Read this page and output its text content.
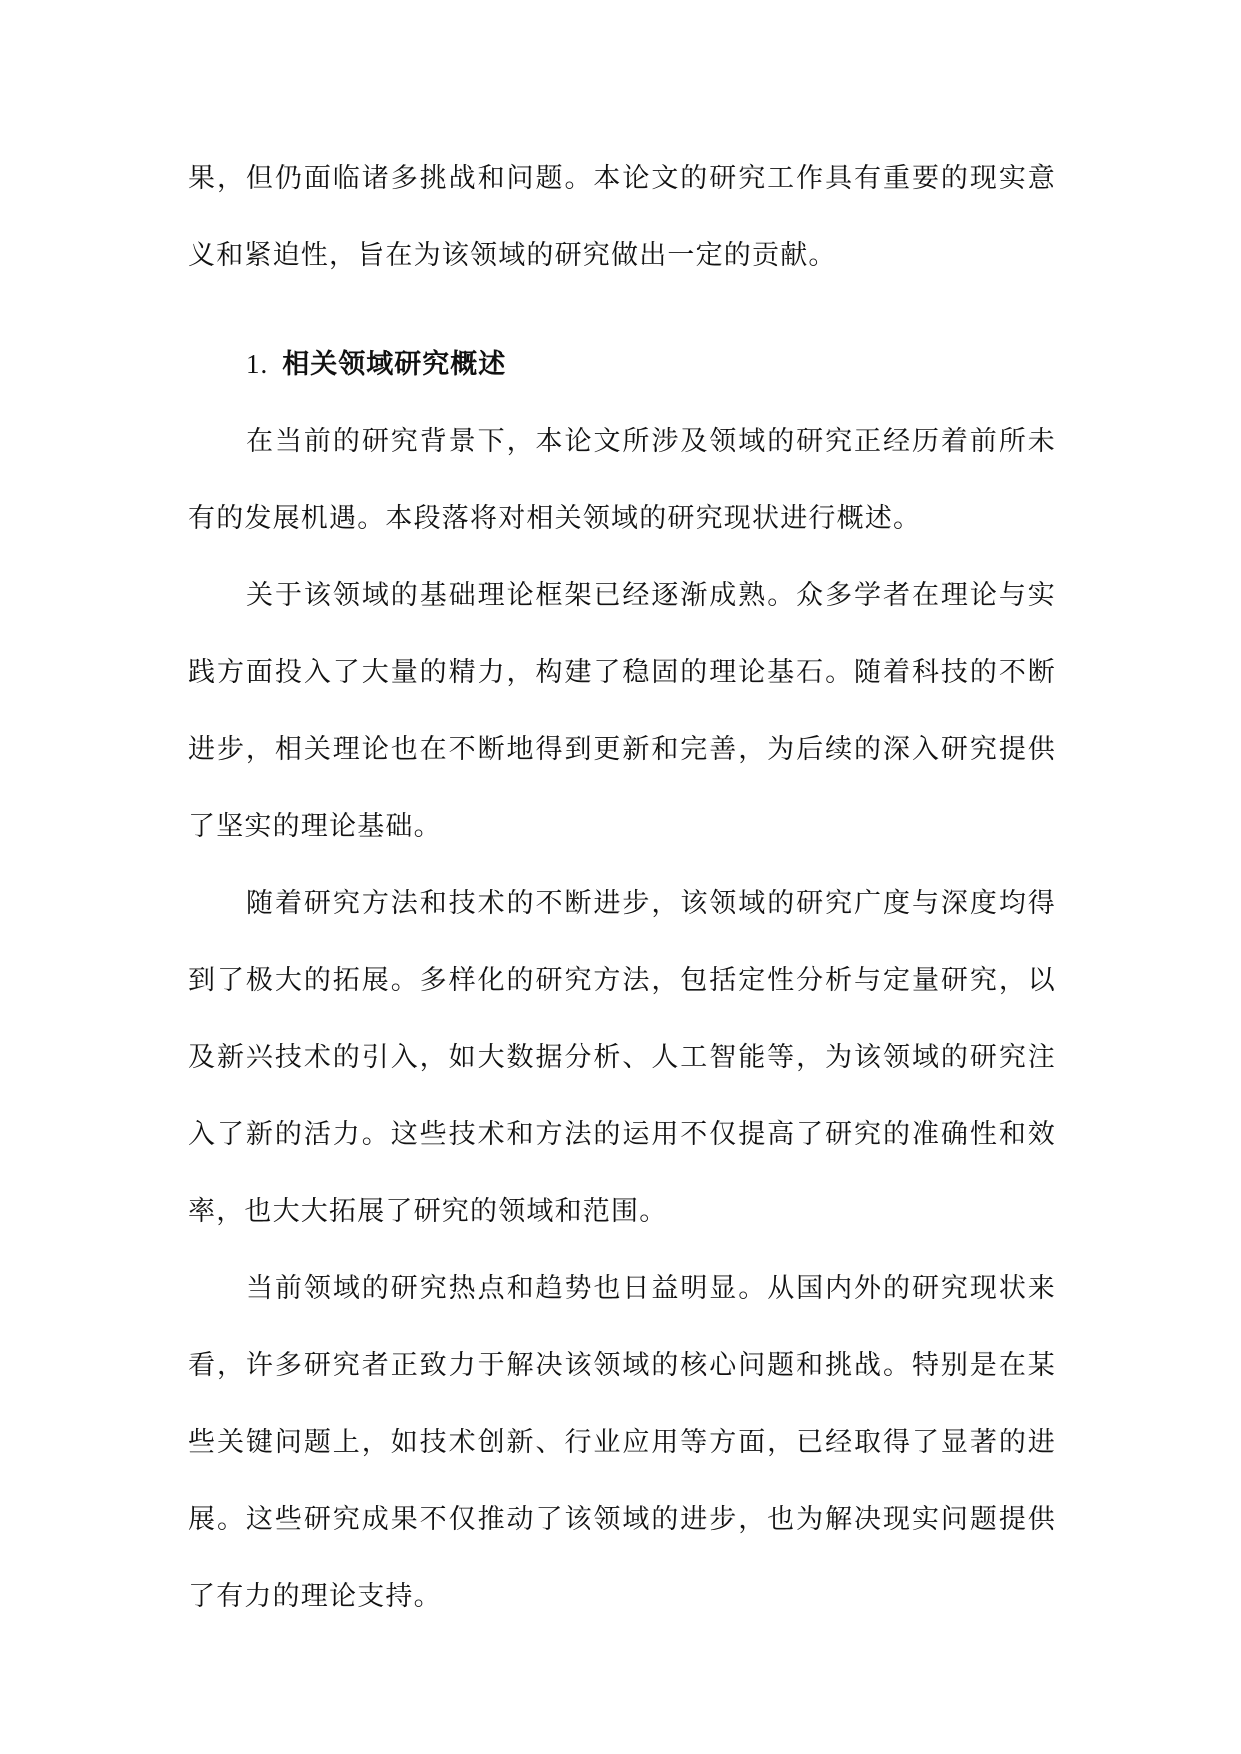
果，但仍面临诸多挑战和问题。本论文的研究工作具有重要的现实意义和紧迫性，旨在为该领域的研究做出一定的贡献。

1. 相关领域研究概述

在当前的研究背景下，本论文所涉及领域的研究正经历着前所未有的发展机遇。本段落将对相关领域的研究现状进行概述。

关于该领域的基础理论框架已经逐渐成熟。众多学者在理论与实践方面投入了大量的精力，构建了稳固的理论基石。随着科技的不断进步，相关理论也在不断地得到更新和完善，为后续的深入研究提供了坚实的理论基础。

随着研究方法和技术的不断进步，该领域的研究广度与深度均得到了极大的拓展。多样化的研究方法，包括定性分析与定量研究，以及新兴技术的引入，如大数据分析、人工智能等，为该领域的研究注入了新的活力。这些技术和方法的运用不仅提高了研究的准确性和效率，也大大拓展了研究的领域和范围。

当前领域的研究热点和趋势也日益明显。从国内外的研究现状来看，许多研究者正致力于解决该领域的核心问题和挑战。特别是在某些关键问题上，如技术创新、行业应用等方面，已经取得了显著的进展。这些研究成果不仅推动了该领域的进步，也为解决现实问题提供了有力的理论支持。
